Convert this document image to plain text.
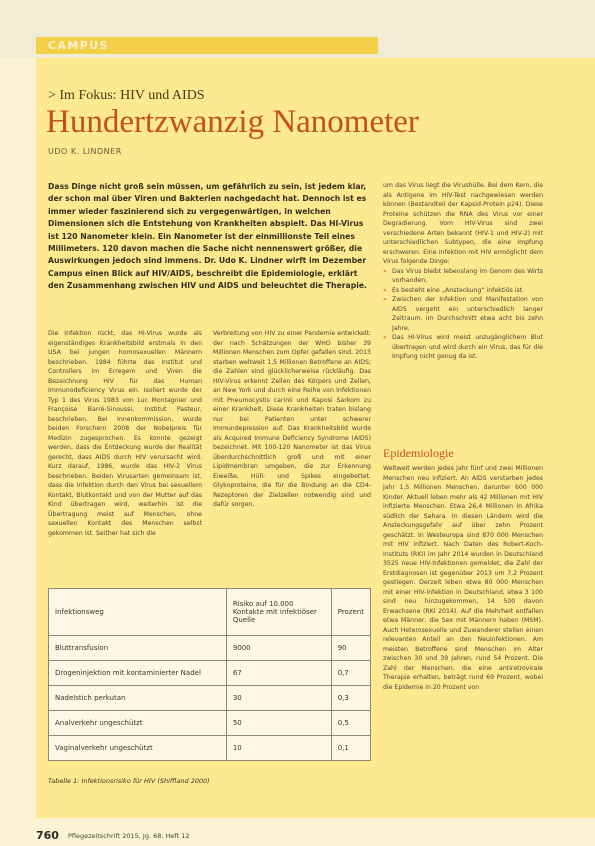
CAMPUS
> Im Fokus: HIV und AIDS
Hundertzwanzig Nanometer
UDO K. LINDNER
Dass Dinge nicht groß sein müssen, um gefährlich zu sein, ist jedem klar, der schon mal über Viren und Bakterien nachgedacht hat. Dennoch ist es immer wieder faszinierend sich zu vergegenwärtigen, in welchen Dimensionen sich die Entstehung von Krankheiten abspielt. Das HI-Virus ist 120 Nanometer klein. Ein Nanometer ist der einmillionste Teil eines Millimeters. 120 davon machen die Sache nicht nennenswert größer, die Auswirkungen jedoch sind immens. Dr. Udo K. Lindner wirft im Dezember Campus einen Blick auf HIV/AIDS, beschreibt die Epidemiologie, erklärt den Zusammenhang zwischen HIV und AIDS und beleuchtet die Therapie.
Die Infektion rückt, das HI-Virus wurde als eigenständiges Krankheitsbild erstmals in den USA bei jungen homosexuellen Männern beschrieben. 1984 führte das Institut und Controllers im Erregern und Viren die Bezeichnung HIV für das Human Immunodeficiency Virus ein. Isoliert wurde der Typ 1 des Virus 1983 von Luc Montagnier und Françoise Barré-Sinoussi, Institut Pasteur, beschrieben. Bei Innenkommission, wurde beiden Forschern 2008 der Nobelpreis für Medizin zugesprochen. Es konnte gezeigt werden, dass die Entdeckung wurde der Realität gerecht, dass AIDS durch HIV verursacht wird. Kurz darauf, 1986, wurde das HIV-2 Virus beschrieben. Beiden Virusarten gemeinsam ist, dass die Infektion durch den Virus bei sexuellem Kontakt, Blutkontakt und von der Mutter auf das Kind übertragen wird, weiterhin ist die Übertragung meist auf Menschen, ohne sexuellen Kontakt des Menschen selbst gekommen ist. Seither hat sich die
Verbreitung von HIV zu einer Pandemie entwickelt: der nach Schätzungen der WHO bisher 39 Millionen Menschen zum Opfer gefallen sind. 2013 starben weltweit 1,5 Millionen Betroffene an AIDS; die Zahlen sind glücklicherweise rückläufig. Das HIV-Virus erkennt Zellen des Körpers und Zellen, an New York und durch eine Reihe von Infektionen mit Pneumocystis carinii und Kaposi Sarkom zu einer Krankheit, Diese Krankheiten traten bislang nur bei Patienten unter schwerer Immundepression auf. Das Krankheitsbild wurde als Acquired Immune Deficiency Syndrome (AIDS) bezeichnet. Mit 100-120 Nanometer ist das Virus überdurchschnittlich groß und mit einer Lipidmembran umgeben, die zur Erkennung Eiweiße, Hüll- und Spikes eingebettet. Glykoproteine, die für die Bindung an die CD4-Rezeptoren der Zielzellen notwendig sind und dafür sorgen,
um das Virus liegt die Virushülle. Bei dem Kern, die als Antigene im HIV-Test nachgewiesen werden können (Bestandteil der Kapsid-Protein p24). Diese Proteine schützen die RNA des Virus vor einer Degradierung. Vom HIV-Virus sind zwei verschiedene Arten bekannt (HIV-1 und HIV-2) mit unterschiedlichen Subtypen, die eine Impfung erschweren. Eine Infektion mit HIV ermöglicht dem Virus folgende Dinge:
» Das Virus bleibt lebenslang im Genom des Wirts vorhanden.
» Es besteht eine „Ansteckung“ infektiös ist.
» Zwischen der Infektion und Manifestation von AIDS vergeht ein unterschiedlich langer Zeitraum, im Durchschnitt etwa acht bis zehn Jahre.
» Das HI-Virus wird meist unzugänglichem Blut übertragen und wird durch ein Virus, das für die Impfung nicht genug da ist.
Epidemiologie
Weltweit werden jedes Jahr fünf und zwei Millionen Menschen neu infiziert. An AIDS verstarben jedes Jahr 1,5 Millionen Menschen, darunter 600 000 Kinder. Aktuell leben mehr als 42 Millionen mit HIV infizierte Menschen. Etwa 26,4 Millionen in Afrika südlich der Sahara. In diesen Ländern wird die Ansteckungsgefahr auf über zehn Prozent geschätzt. In Westeuropa sind 870 000 Menschen mit HIV infiziert. Nach Daten des Robert-Koch-Instituts (RKI) im Jahr 2014 wurden in Deutschland 3525 neue HIV-Infektionen gemeldet, die Zahl der Erstdiagnosen ist gegenüber 2013 um 7,2 Prozent gestiegen. Derzeit leben etwa 80 000 Menschen mit einer HIV-Infektion in Deutschland, etwa 3 100 sind neu hinzugekommen, 14 500 davon Erwachsene (RKI 2014). Auf die Mehrheit entfallen etwa Männer, die Sex mit Männern haben (MSM). Auch Heterosexuelle und Zuwanderer stellen einen relevanten Anteil an den Neuinfektionen. Am meisten Betroffene sind Menschen im Alter zwischen 30 und 39 Jahren, rund 54 Prozent. Die Zahl der Menschen, die eine antiretrovirale Therapie erhalten, beträgt rund 69 Prozent, wobei die Epidemie in 20 Prozent von
Infektionsweg	Risiko auf 10.000 Kontakte mit infektiöser Quelle	Prozent
Bluttransfusion	9000	90
Drogeninjektion mit kontaminierter Nadel	67	0,7
Nadelstich perkutan	30	0,3
Analverkehr ungeschützt	50	0,5
Vaginalverkehr ungeschützt	10	0,1
Tabelle 1: Infektionsrisiko für HIV (Shiffland 2000)
760 Pflegezeitschrift 2015, Jg. 68, Heft 12
